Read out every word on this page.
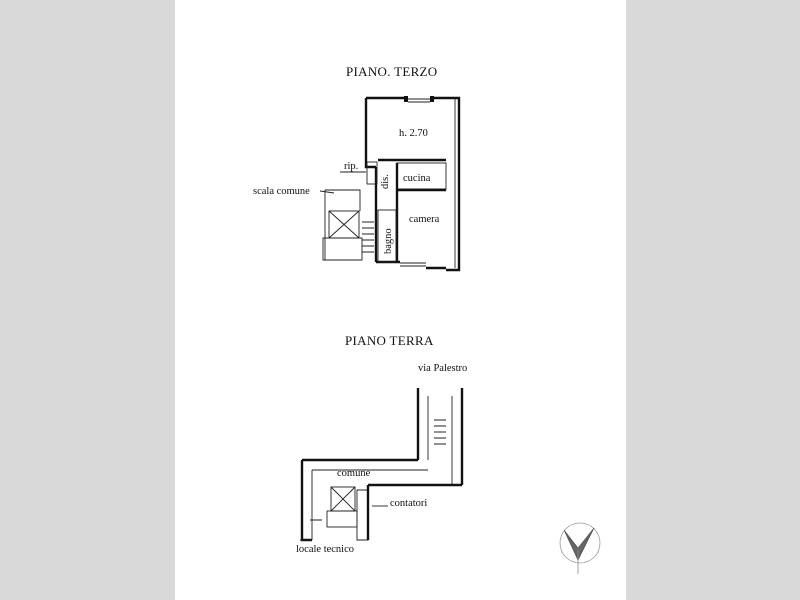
PIANO. TERZO
PIANO TERRA
h. 2.70
rip.
cucina
camera
scala comune
dis.
bagno
via Palestro
comune
contatori
locale tecnico
